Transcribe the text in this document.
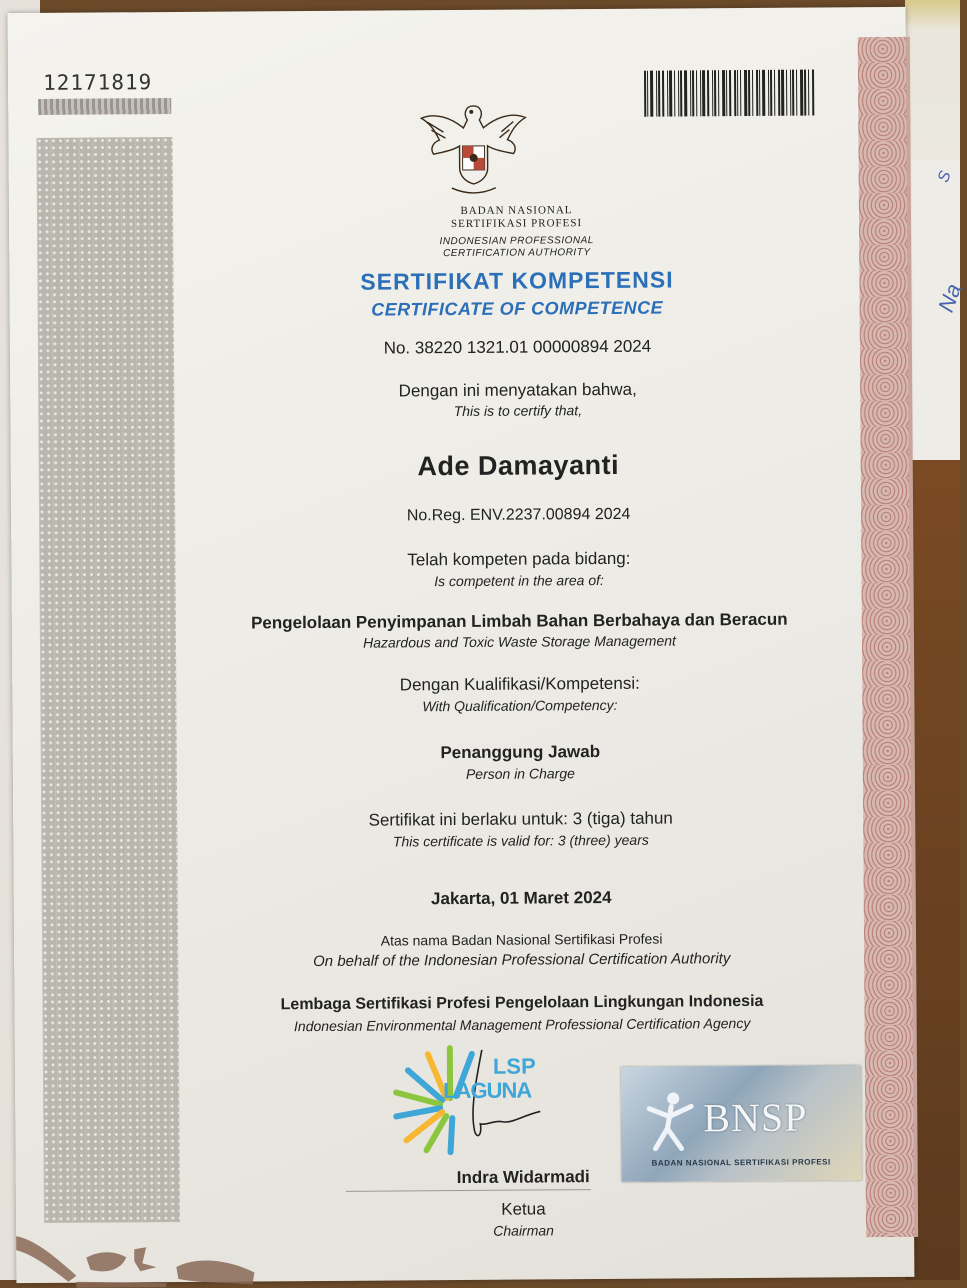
12171819
BADAN NASIONAL
SERTIFIKASI PROFESI
INDONESIAN PROFESSIONAL
CERTIFICATION AUTHORITY
SERTIFIKAT KOMPETENSI
CERTIFICATE OF COMPETENCE
No. 38220 1321.01 00000894 2024
Dengan ini menyatakan bahwa,
This is to certify that,
Ade Damayanti
No.Reg. ENV.2237.00894 2024
Telah kompeten pada bidang:
Is competent in the area of:
Pengelolaan Penyimpanan Limbah Bahan Berbahaya dan Beracun
Hazardous and Toxic Waste Storage Management
Dengan Kualifikasi/Kompetensi:
With Qualification/Competency:
Penanggung Jawab
Person in Charge
Sertifikat ini berlaku untuk: 3 (tiga) tahun
This certificate is valid for: 3 (three) years
Jakarta, 01 Maret 2024
Atas nama Badan Nasional Sertifikasi Profesi
On behalf of the Indonesian Professional Certification Authority
Lembaga Sertifikasi Profesi Pengelolaan Lingkungan Indonesia
Indonesian Environmental Management Professional Certification Agency
LSP
LAGUNA
BNSP
BADAN NASIONAL SERTIFIKASI PROFESI
Indra Widarmadi
Ketua
Chairman
S
Na
